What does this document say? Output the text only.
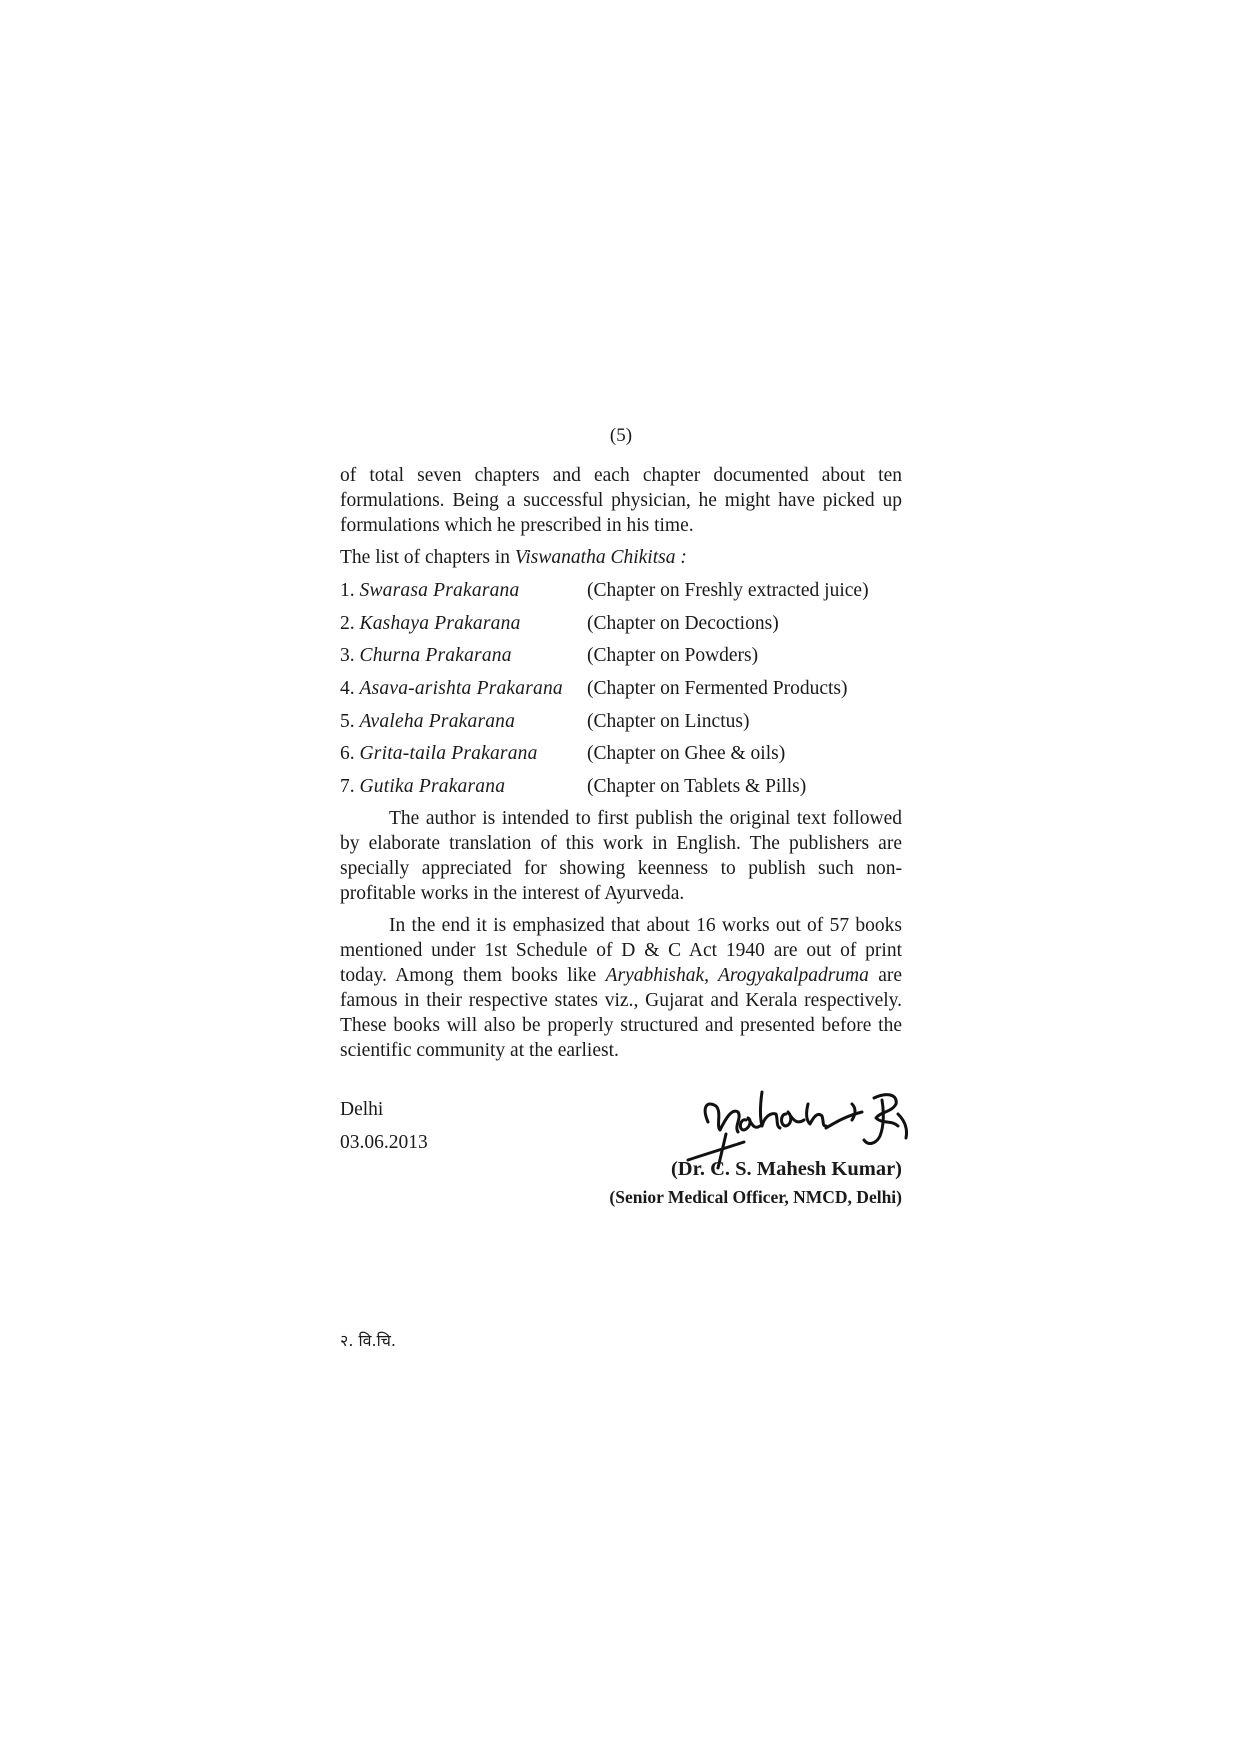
(5)

of total seven chapters and each chapter documented about ten formulations. Being a successful physician, he might have picked up formulations which he prescribed in his time.

The list of chapters in Viswanatha Chikitsa :

1. Swarasa Prakarana	(Chapter on Freshly extracted juice)
2. Kashaya Prakarana	(Chapter on Decoctions)
3. Churna Prakarana	(Chapter on Powders)
4. Asava-arishta Prakarana	(Chapter on Fermented Products)
5. Avaleha Prakarana	(Chapter on Linctus)
6. Grita-taila Prakarana	(Chapter on Ghee & oils)
7. Gutika Prakarana	(Chapter on Tablets & Pills)

The author is intended to first publish the original text followed by elaborate translation of this work in English. The publishers are specially appreciated for showing keenness to publish such non-profitable works in the interest of Ayurveda.

In the end it is emphasized that about 16 works out of 57 books mentioned under 1st Schedule of D & C Act 1940 are out of print today. Among them books like Aryabhishak, Arogyakalpadruma are famous in their respective states viz., Gujarat and Kerala respectively. These books will also be properly structured and presented before the scientific community at the earliest.

Delhi
03.06.2013
(Dr. C. S. Mahesh Kumar)
(Senior Medical Officer, NMCD, Delhi)
२. वि.चि.
